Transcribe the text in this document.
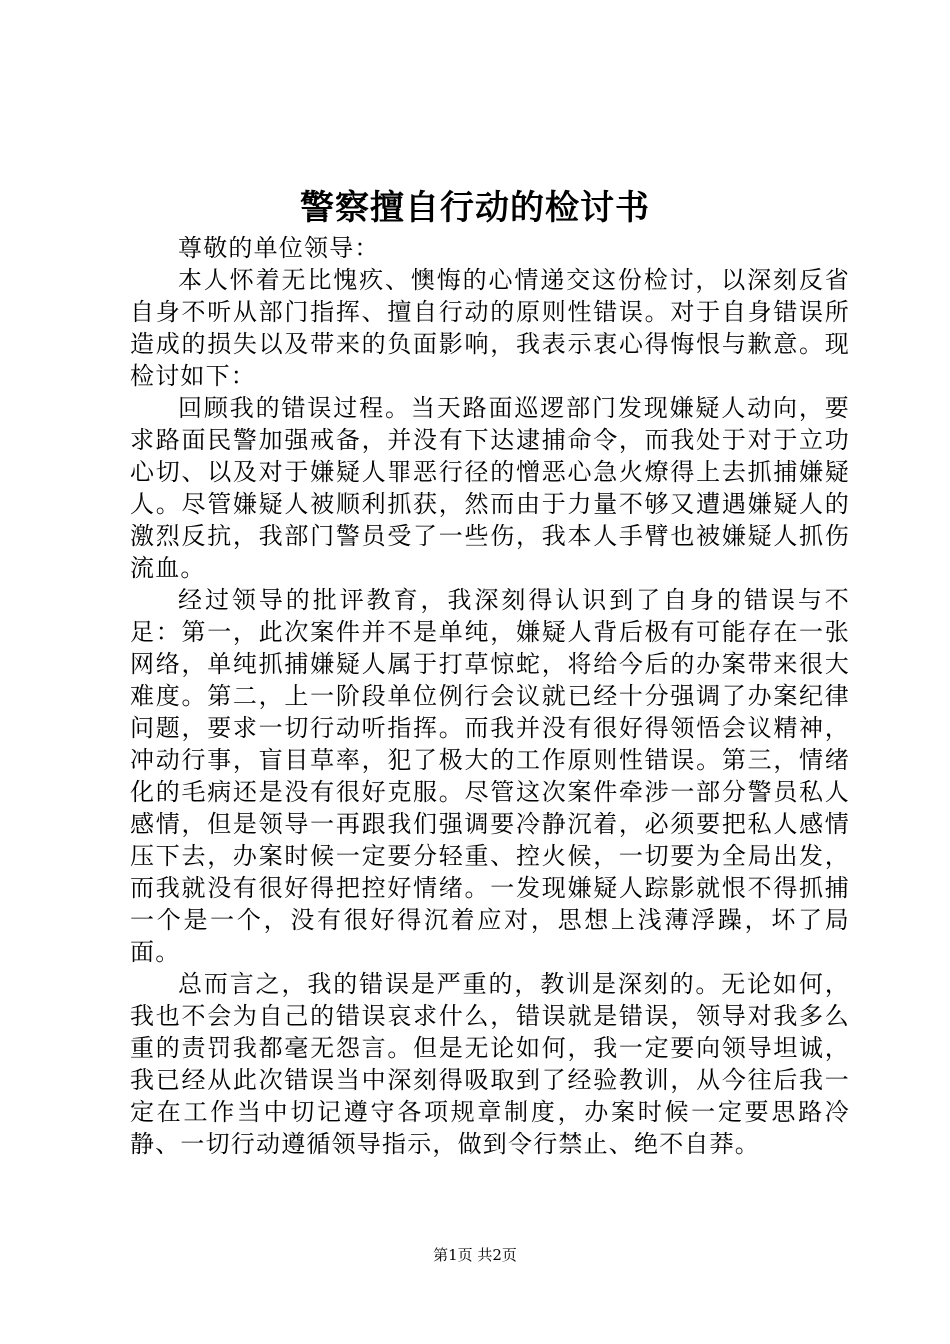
警察擅自行动的检讨书

尊敬的单位领导：

本人怀着无比愧疚、懊悔的心情递交这份检讨，以深刻反省自身不听从部门指挥、擅自行动的原则性错误。对于自身错误所造成的损失以及带来的负面影响，我表示衷心得悔恨与歉意。现检讨如下：

回顾我的错误过程。当天路面巡逻部门发现嫌疑人动向，要求路面民警加强戒备，并没有下达逮捕命令，而我处于对于立功心切、以及对于嫌疑人罪恶行径的憎恶心急火燎得上去抓捕嫌疑人。尽管嫌疑人被顺利抓获，然而由于力量不够又遭遇嫌疑人的激烈反抗，我部门警员受了一些伤，我本人手臂也被嫌疑人抓伤流血。

经过领导的批评教育，我深刻得认识到了自身的错误与不足：第一，此次案件并不是单纯，嫌疑人背后极有可能存在一张网络，单纯抓捕嫌疑人属于打草惊蛇，将给今后的办案带来很大难度。第二，上一阶段单位例行会议就已经十分强调了办案纪律问题，要求一切行动听指挥。而我并没有很好得领悟会议精神，冲动行事，盲目草率，犯了极大的工作原则性错误。第三，情绪化的毛病还是没有很好克服。尽管这次案件牵涉一部分警员私人感情，但是领导一再跟我们强调要冷静沉着，必须要把私人感情压下去，办案时候一定要分轻重、控火候，一切要为全局出发，而我就没有很好得把控好情绪。一发现嫌疑人踪影就恨不得抓捕一个是一个，没有很好得沉着应对，思想上浅薄浮躁，坏了局面。

总而言之，我的错误是严重的，教训是深刻的。无论如何，我也不会为自己的错误哀求什么，错误就是错误，领导对我多么重的责罚我都毫无怨言。但是无论如何，我一定要向领导坦诚，我已经从此次错误当中深刻得吸取到了经验教训，从今往后我一定在工作当中切记遵守各项规章制度，办案时候一定要思路冷静、一切行动遵循领导指示，做到令行禁止、绝不自莽。

第1页 共2页
